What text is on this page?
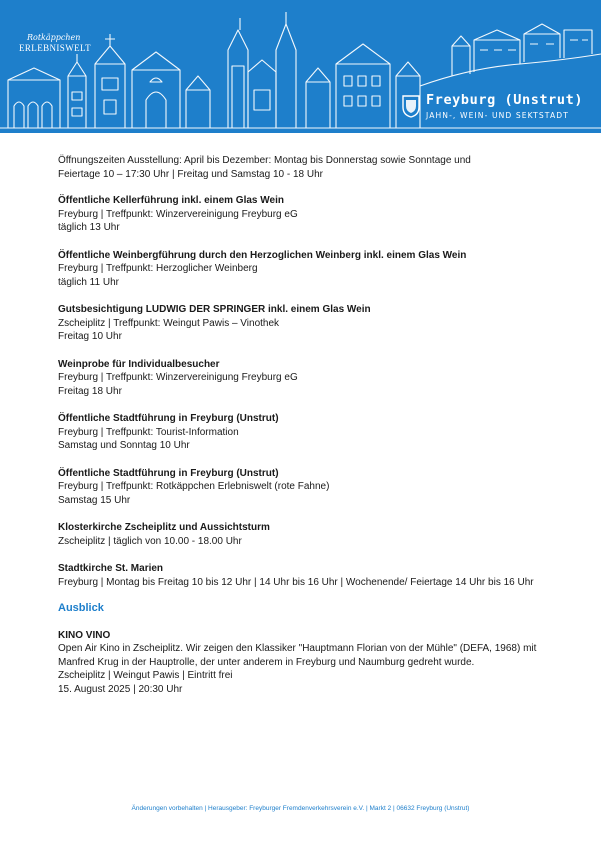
Rotkäppchen
ERLEBNISWELT
Freyburg (Unstrut)
JAHN-, WEIN- UND SEKTSTADT
Öffnungszeiten Ausstellung: April bis Dezember: Montag bis Donnerstag sowie Sonntage und
Feiertage 10 – 17:30 Uhr | Freitag und Samstag 10 - 18 Uhr
Öffentliche Kellerführung inkl. einem Glas Wein
Freyburg | Treffpunkt: Winzervereinigung Freyburg eG
täglich 13 Uhr
Öffentliche Weinbergführung durch den Herzoglichen Weinberg inkl. einem Glas Wein
Freyburg | Treffpunkt: Herzoglicher Weinberg
täglich 11 Uhr
Gutsbesichtigung LUDWIG DER SPRINGER inkl. einem Glas Wein
Zscheiplitz | Treffpunkt: Weingut Pawis – Vinothek
Freitag 10 Uhr
Weinprobe für Individualbesucher
Freyburg | Treffpunkt: Winzervereinigung Freyburg eG
Freitag 18 Uhr
Öffentliche Stadtführung in Freyburg (Unstrut)
Freyburg | Treffpunkt: Tourist-Information
Samstag und Sonntag 10 Uhr
Öffentliche Stadtführung in Freyburg (Unstrut)
Freyburg | Treffpunkt: Rotkäppchen Erlebniswelt (rote Fahne)
Samstag 15 Uhr
Klosterkirche Zscheiplitz und Aussichtsturm
Zscheiplitz | täglich von 10.00 - 18.00 Uhr
Stadtkirche St. Marien
Freyburg | Montag bis Freitag 10 bis 12 Uhr | 14 Uhr bis 16 Uhr | Wochenende/ Feiertage 14 Uhr bis 16 Uhr
Ausblick
KINO VINO
Open Air Kino in Zscheiplitz. Wir zeigen den Klassiker "Hauptmann Florian von der Mühle" (DEFA, 1968) mit
Manfred Krug in der Hauptrolle, der unter anderem in Freyburg und Naumburg gedreht wurde.
Zscheiplitz | Weingut Pawis | Eintritt frei
15. August 2025 | 20:30 Uhr
Änderungen vorbehalten | Herausgeber: Freyburger Fremdenverkehrsverein e.V. | Markt 2 | 06632 Freyburg (Unstrut)
